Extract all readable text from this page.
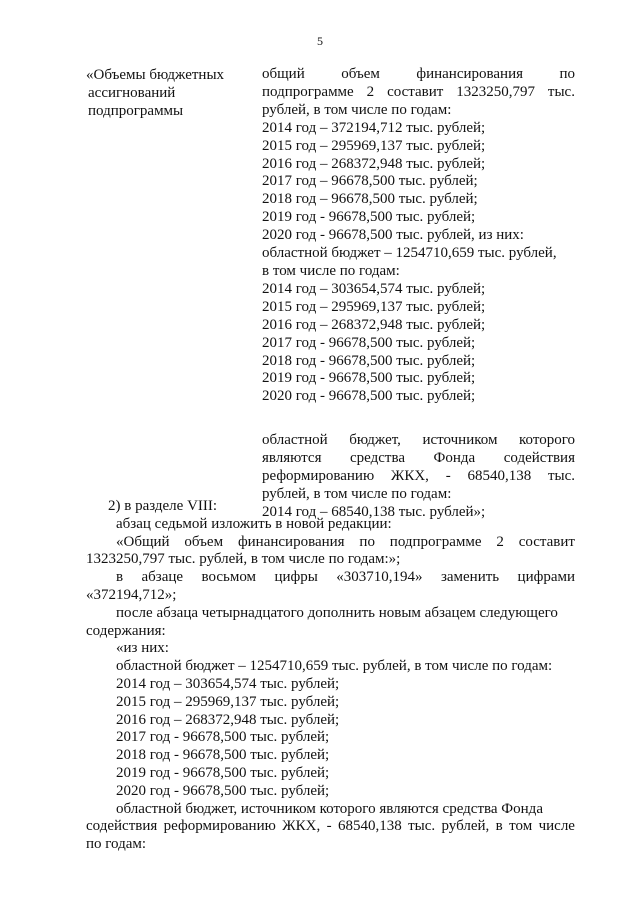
5
«Объемы бюджетных
ассигнований
подпрограммы
общий объем финансирования по
подпрограмме 2 составит 1323250,797 тыс.
рублей, в том числе по годам:
2014 год – 372194,712 тыс. рублей;
2015 год – 295969,137 тыс. рублей;
2016 год – 268372,948 тыс. рублей;
2017 год – 96678,500 тыс. рублей;
2018 год – 96678,500 тыс. рублей;
2019 год - 96678,500 тыс. рублей;
2020 год - 96678,500 тыс. рублей, из них:
областной бюджет – 1254710,659 тыс. рублей,
в том числе по годам:
2014 год – 303654,574 тыс. рублей;
2015 год – 295969,137 тыс. рублей;
2016 год – 268372,948 тыс. рублей;
2017 год - 96678,500 тыс. рублей;
2018 год - 96678,500 тыс. рублей;
2019 год - 96678,500 тыс. рублей;
2020 год - 96678,500 тыс. рублей;
областной бюджет, источником которого
являются средства Фонда содействия
реформированию ЖКХ, - 68540,138 тыс.
рублей, в том числе по годам:
2014 год – 68540,138 тыс. рублей»;
2) в разделе VIII:
абзац седьмой изложить в новой редакции:
«Общий объем финансирования по подпрограмме 2 составит
1323250,797 тыс. рублей, в том числе по годам:»;
в абзаце восьмом цифры «303710,194» заменить цифрами
«372194,712»;
после абзаца четырнадцатого дополнить новым абзацем следующего
содержания:
«из них:
областной бюджет – 1254710,659 тыс. рублей, в том числе по годам:
2014 год – 303654,574 тыс. рублей;
2015 год – 295969,137 тыс. рублей;
2016 год – 268372,948 тыс. рублей;
2017 год - 96678,500 тыс. рублей;
2018 год - 96678,500 тыс. рублей;
2019 год - 96678,500 тыс. рублей;
2020 год - 96678,500 тыс. рублей;
областной бюджет, источником которого являются средства Фонда
содействия реформированию ЖКХ, - 68540,138 тыс. рублей, в том числе
по годам:
